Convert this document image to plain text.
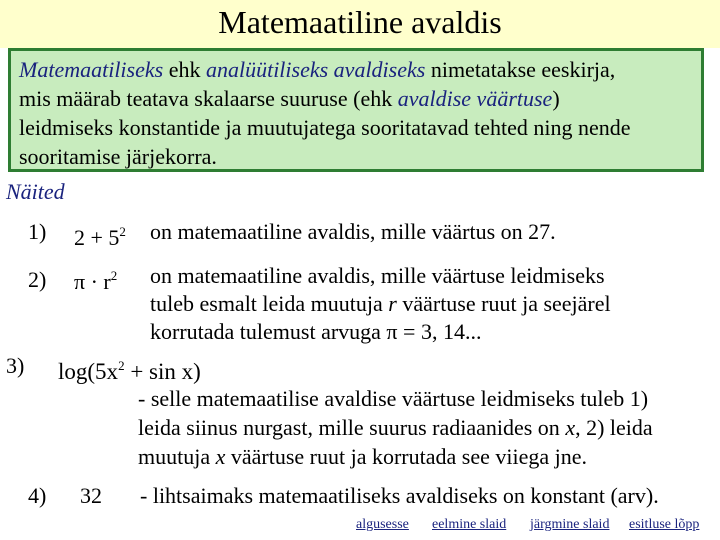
Matemaatiline avaldis
Matemaatiliseks ehk analüütiliseks avaldiseks nimetatakse eeskirja,
mis määrab teatava skalaarse suuruse (ehk avaldise väärtuse)
leidmiseks konstantide ja muutujatega sooritatavad tehted ning nende
sooritamise järjekorra.
Näited
1) $2 + 5^2$ on matemaatiline avaldis, mille väärtus on 27.
2) $\pi \cdot r^2$ on matemaatiline avaldis, mille väärtuse leidmiseks
tuleb esmalt leida muutuja r väärtuse ruut ja seejärel
korrutada tulemust arvuga π = 3, 14...
3) $\log(5x^2 + \sin x)$
- selle matemaatilise avaldise väärtuse leidmiseks tuleb 1)
leida siinus nurgast, mille suurus radiaanides on x, 2) leida
muutuja x väärtuse ruut ja korrutada see viiega jne.
4) 32 - lihtsaimaks matemaatiliseks avaldiseks on konstant (arv).
algusesse eelmine slaid järgmine slaid esitluse lõpp
